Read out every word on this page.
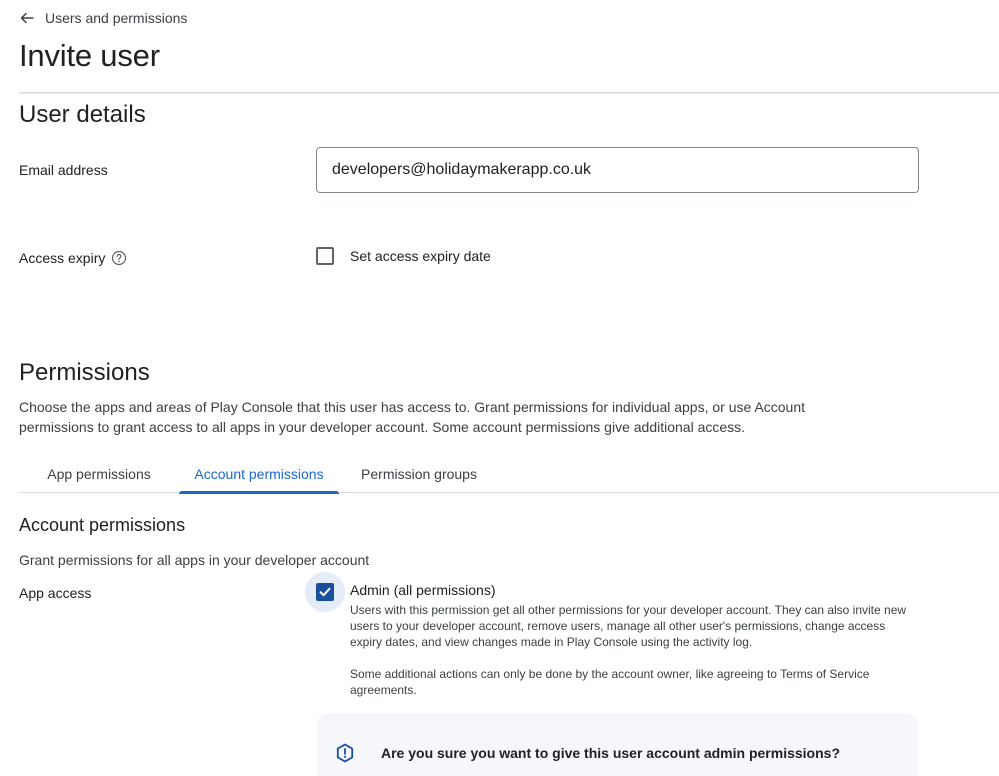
Users and permissions
Invite user
User details
Email address
developers@holidaymakerapp.co.uk
Access expiry	Set access expiry date
Permissions

Choose the apps and areas of Play Console that this user has access to. Grant permissions for individual apps, or use Account permissions to grant access to all apps in your developer account. Some account permissions give additional access.

App permissions	Account permissions	Permission groups
Account permissions

Grant permissions for all apps in your developer account

App access	Admin (all permissions)

Users with this permission get all other permissions for your developer account. They can also invite new users to your developer account, remove users, manage all other user's permissions, change access expiry dates, and view changes made in Play Console using the activity log.

Some additional actions can only be done by the account owner, like agreeing to Terms of Service agreements.

Are you sure you want to give this user account admin permissions?
